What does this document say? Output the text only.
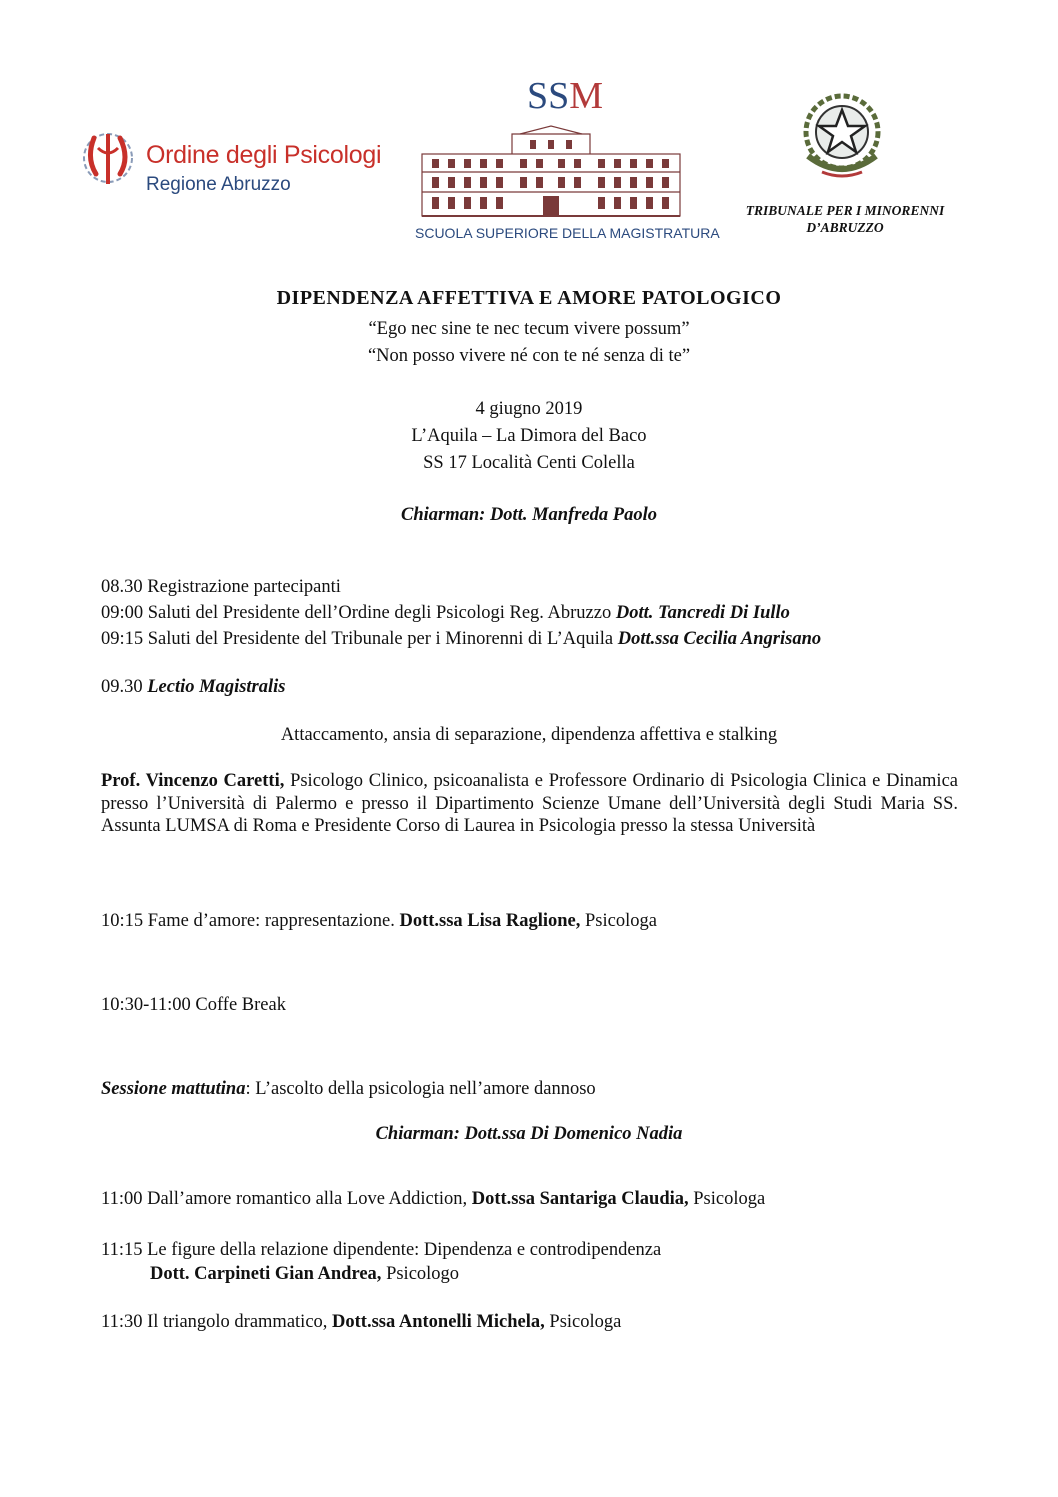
Ordine degli Psicologi
Regione Abruzzo
SSM
SCUOLA SUPERIORE DELLA MAGISTRATURA
TRIBUNALE PER I MINORENNI
D’ABRUZZO
DIPENDENZA AFFETTIVA E AMORE PATOLOGICO
“Ego nec sine te nec tecum vivere possum”
“Non posso vivere né con te né senza di te”
4 giugno 2019
L’Aquila – La Dimora del Baco
SS 17 Località Centi Colella
Chiarman: Dott. Manfreda Paolo
08.30 Registrazione partecipanti
09:00 Saluti del Presidente dell’Ordine degli Psicologi Reg. Abruzzo Dott. Tancredi Di Iullo
09:15 Saluti del Presidente del Tribunale per i Minorenni di L’Aquila Dott.ssa Cecilia Angrisano
09.30 Lectio Magistralis
Attaccamento, ansia di separazione, dipendenza affettiva e stalking
Prof. Vincenzo Caretti, Psicologo Clinico, psicoanalista e Professore Ordinario di Psicologia Clinica e Dinamica presso l’Università di Palermo e presso il Dipartimento Scienze Umane dell’Università degli Studi Maria SS. Assunta LUMSA di Roma e Presidente Corso di Laurea in Psicologia presso la stessa Università
10:15 Fame d’amore: rappresentazione. Dott.ssa Lisa Raglione, Psicologa
10:30-11:00 Coffe Break
Sessione mattutina: L’ascolto della psicologia nell’amore dannoso
Chiarman: Dott.ssa Di Domenico Nadia
11:00 Dall’amore romantico alla Love Addiction, Dott.ssa Santariga Claudia, Psicologa
11:15 Le figure della relazione dipendente: Dipendenza e controdipendenza
Dott. Carpineti Gian Andrea, Psicologo
11:30 Il triangolo drammatico, Dott.ssa Antonelli Michela, Psicologa
